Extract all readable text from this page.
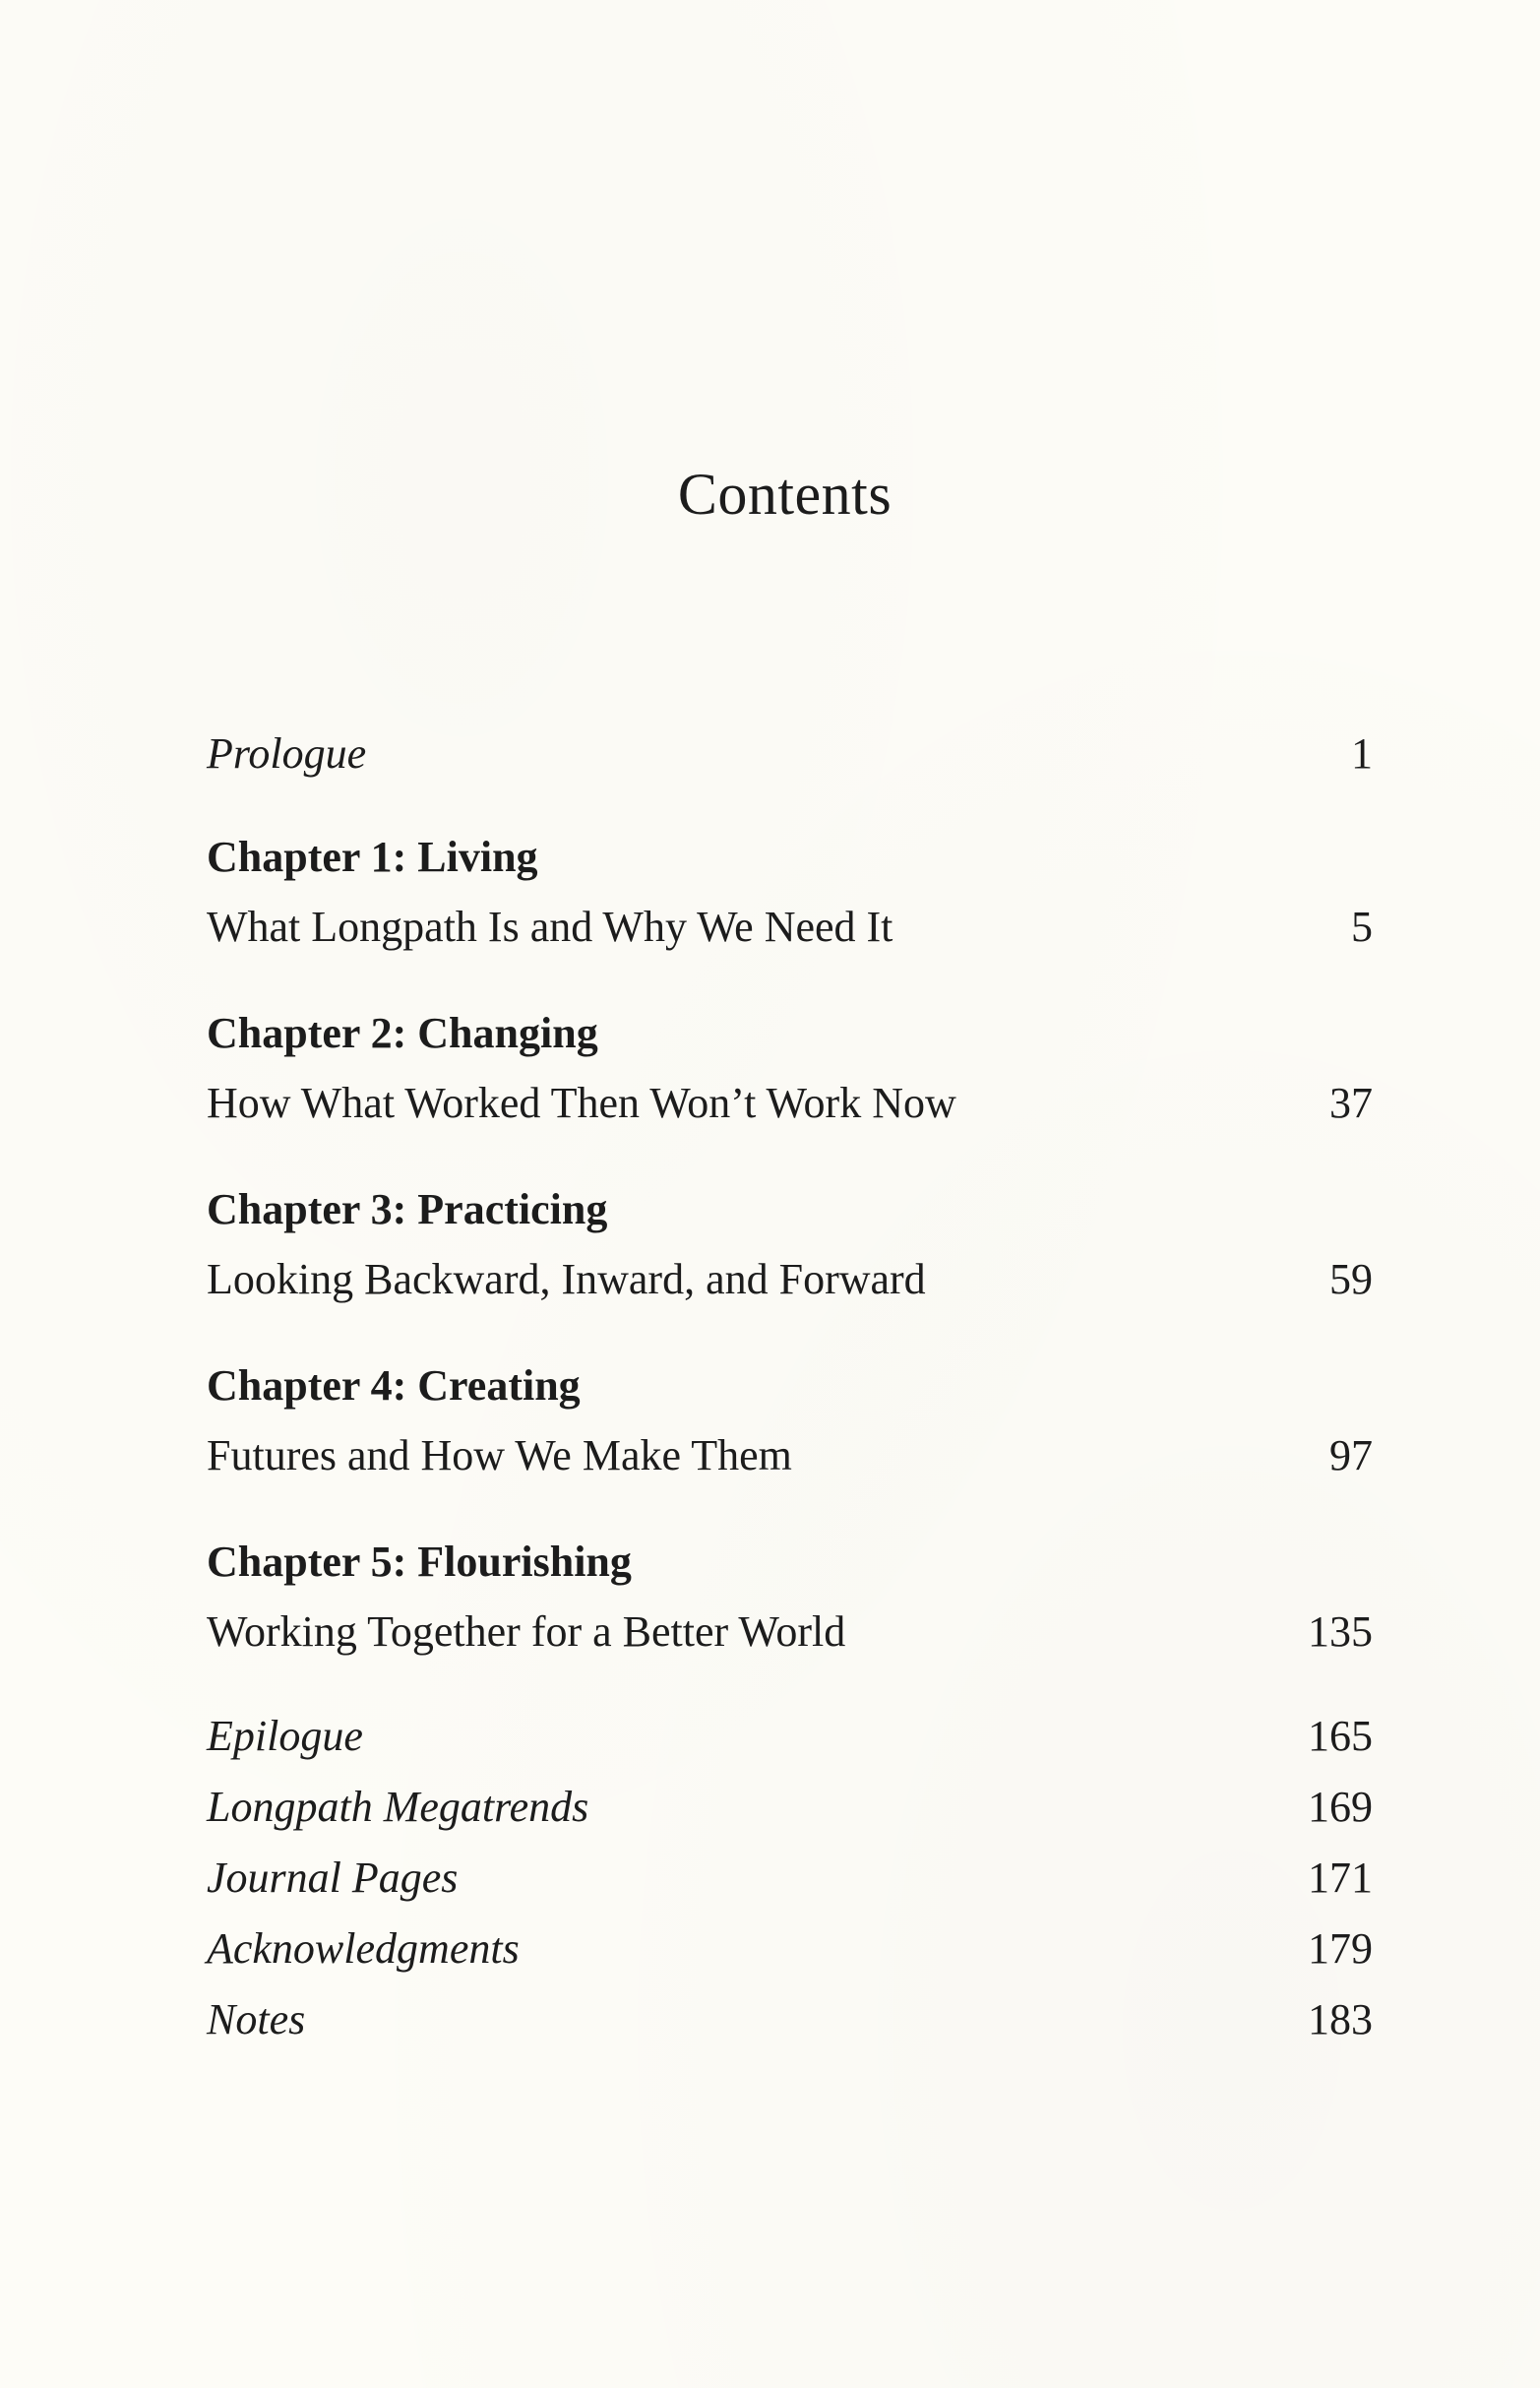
Contents
Prologue	1
Chapter 1: Living
What Longpath Is and Why We Need It	5
Chapter 2: Changing
How What Worked Then Won’t Work Now	37
Chapter 3: Practicing
Looking Backward, Inward, and Forward	59
Chapter 4: Creating
Futures and How We Make Them	97
Chapter 5: Flourishing
Working Together for a Better World	135
Epilogue	165
Longpath Megatrends	169
Journal Pages	171
Acknowledgments	179
Notes	183
